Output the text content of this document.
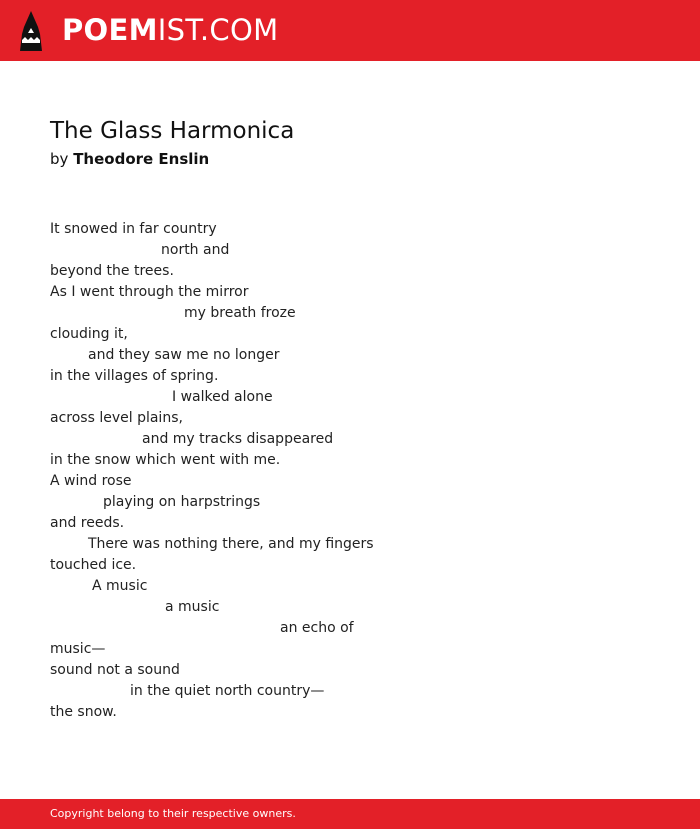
POEMIST.COM
The Glass Harmonica
by Theodore Enslin
It snowed in far country
north and
beyond the trees.
As I went through the mirror
my breath froze
clouding it,
and they saw me no longer
in the villages of spring.
I walked alone
across level plains,
and my tracks disappeared
in the snow which went with me.
A wind rose
playing on harpstrings
and reeds.
There was nothing there, and my fingers
touched ice.
A music
a music
an echo of
music—
sound not a sound
in the quiet north country—
the snow.
Copyright belong to their respective owners.
